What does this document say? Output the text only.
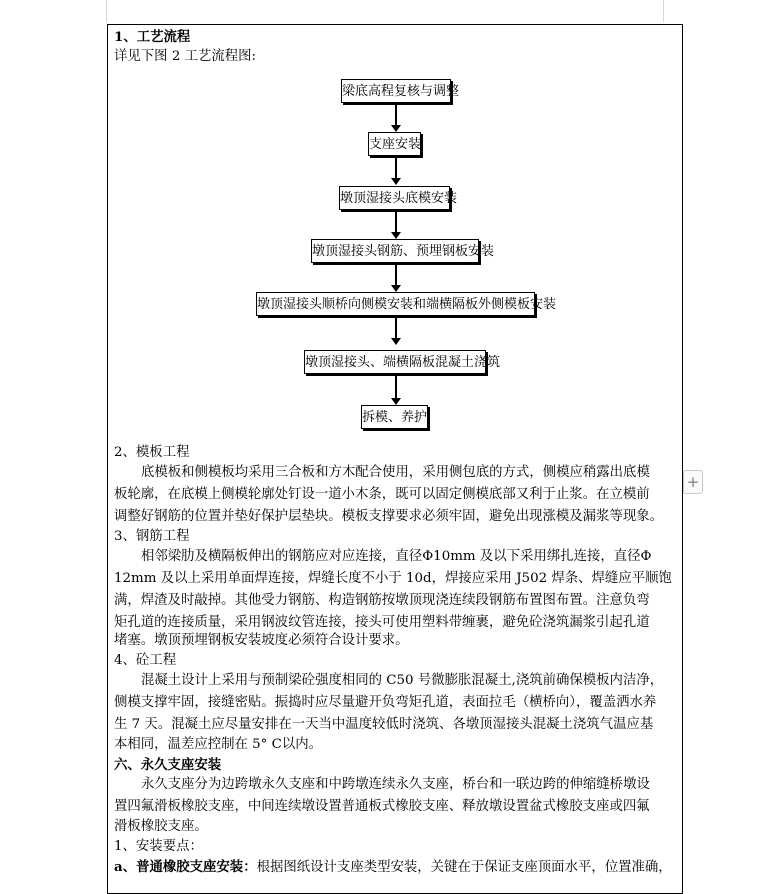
1、工艺流程
详见下图 2 工艺流程图:
梁底高程复核与调整
支座安装
墩顶湿接头底模安装
墩顶湿接头钢筋、预埋钢板安装
墩顶湿接头顺桥向侧模安装和端横隔板外侧模板安装
墩顶湿接头、端横隔板混凝土浇筑
拆模、养护
2、模板工程
底模板和侧模板均采用三合板和方木配合使用，采用侧包底的方式，侧模应稍露出底模
板轮廓，在底模上侧模轮廓处钉设一道小木条，既可以固定侧模底部又利于止浆。在立模前
调整好钢筋的位置并垫好保护层垫块。模板支撑要求必须牢固，避免出现涨模及漏浆等现象。
3、钢筋工程
相邻梁肋及横隔板伸出的钢筋应对应连接，直径Φ10mm 及以下采用绑扎连接，直径Φ
12mm 及以上采用单面焊连接，焊缝长度不小于 10d，焊接应采用 J502 焊条、焊缝应平顺饱
满，焊渣及时敲掉。其他受力钢筋、构造钢筋按墩顶现浇连续段钢筋布置图布置。注意负弯
矩孔道的连接质量，采用钢波纹管连接，接头可使用塑料带缠裹，避免砼浇筑漏浆引起孔道
堵塞。墩顶预埋钢板安装坡度必须符合设计要求。
4、砼工程
混凝土设计上采用与预制梁砼强度相同的 C50 号微膨胀混凝土,浇筑前确保模板内洁净，
侧模支撑牢固，接缝密贴。振捣时应尽量避开负弯矩孔道，表面拉毛（横桥向），覆盖洒水养
生 7 天。混凝土应尽量安排在一天当中温度较低时浇筑、各墩顶湿接头混凝土浇筑气温应基
本相同，温差应控制在 5° C以内。
六、永久支座安装
永久支座分为边跨墩永久支座和中跨墩连续永久支座，桥台和一联边跨的伸缩缝桥墩设
置四氟滑板橡胶支座，中间连续墩设置普通板式橡胶支座、释放墩设置盆式橡胶支座或四氟
滑板橡胶支座。
1、安装要点：
a、普通橡胶支座安装：根据图纸设计支座类型安装，关键在于保证支座顶面水平，位置准确，
+
